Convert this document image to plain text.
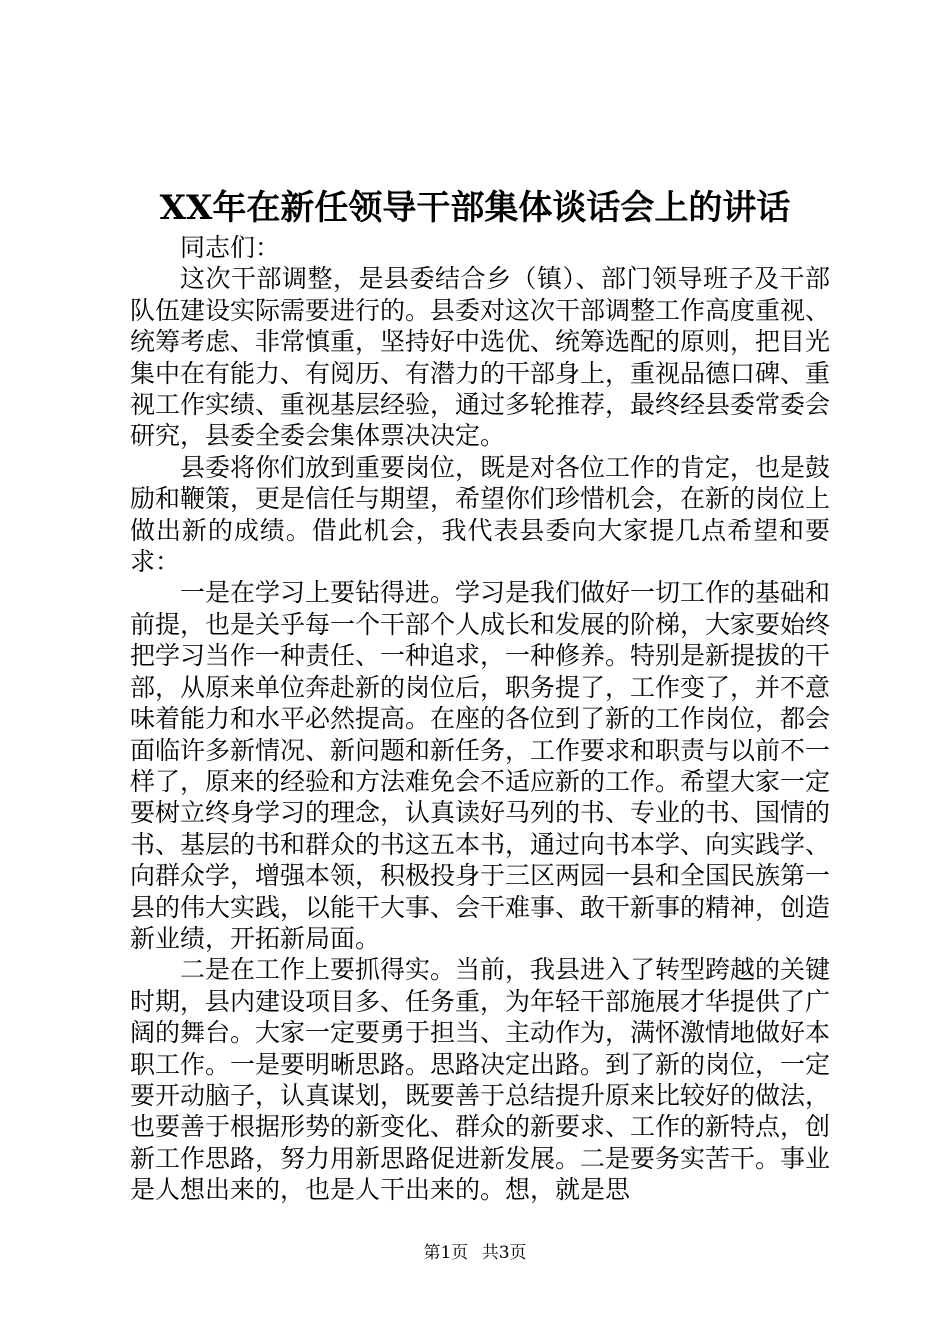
XX年在新任领导干部集体谈话会上的讲话

同志们：

这次干部调整，是县委结合乡（镇）、部门领导班子及干部队伍建设实际需要进行的。县委对这次干部调整工作高度重视、统筹考虑、非常慎重，坚持好中选优、统筹选配的原则，把目光集中在有能力、有阅历、有潜力的干部身上，重视品德口碑、重视工作实绩、重视基层经验，通过多轮推荐，最终经县委常委会研究，县委全委会集体票决决定。

县委将你们放到重要岗位，既是对各位工作的肯定，也是鼓励和鞭策，更是信任与期望，希望你们珍惜机会，在新的岗位上做出新的成绩。借此机会，我代表县委向大家提几点希望和要求：

一是在学习上要钻得进。学习是我们做好一切工作的基础和前提，也是关乎每一个干部个人成长和发展的阶梯，大家要始终把学习当作一种责任、一种追求，一种修养。特别是新提拔的干部，从原来单位奔赴新的岗位后，职务提了，工作变了，并不意味着能力和水平必然提高。在座的各位到了新的工作岗位，都会面临许多新情况、新问题和新任务，工作要求和职责与以前不一样了，原来的经验和方法难免会不适应新的工作。希望大家一定要树立终身学习的理念，认真读好马列的书、专业的书、国情的书、基层的书和群众的书这五本书，通过向书本学、向实践学、向群众学，增强本领，积极投身于三区两园一县和全国民族第一县的伟大实践，以能干大事、会干难事、敢干新事的精神，创造新业绩，开拓新局面。

二是在工作上要抓得实。当前，我县进入了转型跨越的关键时期，县内建设项目多、任务重，为年轻干部施展才华提供了广阔的舞台。大家一定要勇于担当、主动作为，满怀激情地做好本职工作。一是要明晰思路。思路决定出路。到了新的岗位，一定要开动脑子，认真谋划，既要善于总结提升原来比较好的做法，也要善于根据形势的新变化、群众的新要求、工作的新特点，创新工作思路，努力用新思路促进新发展。二是要务实苦干。事业是人想出来的，也是人干出来的。想，就是思

第1页 共3页
